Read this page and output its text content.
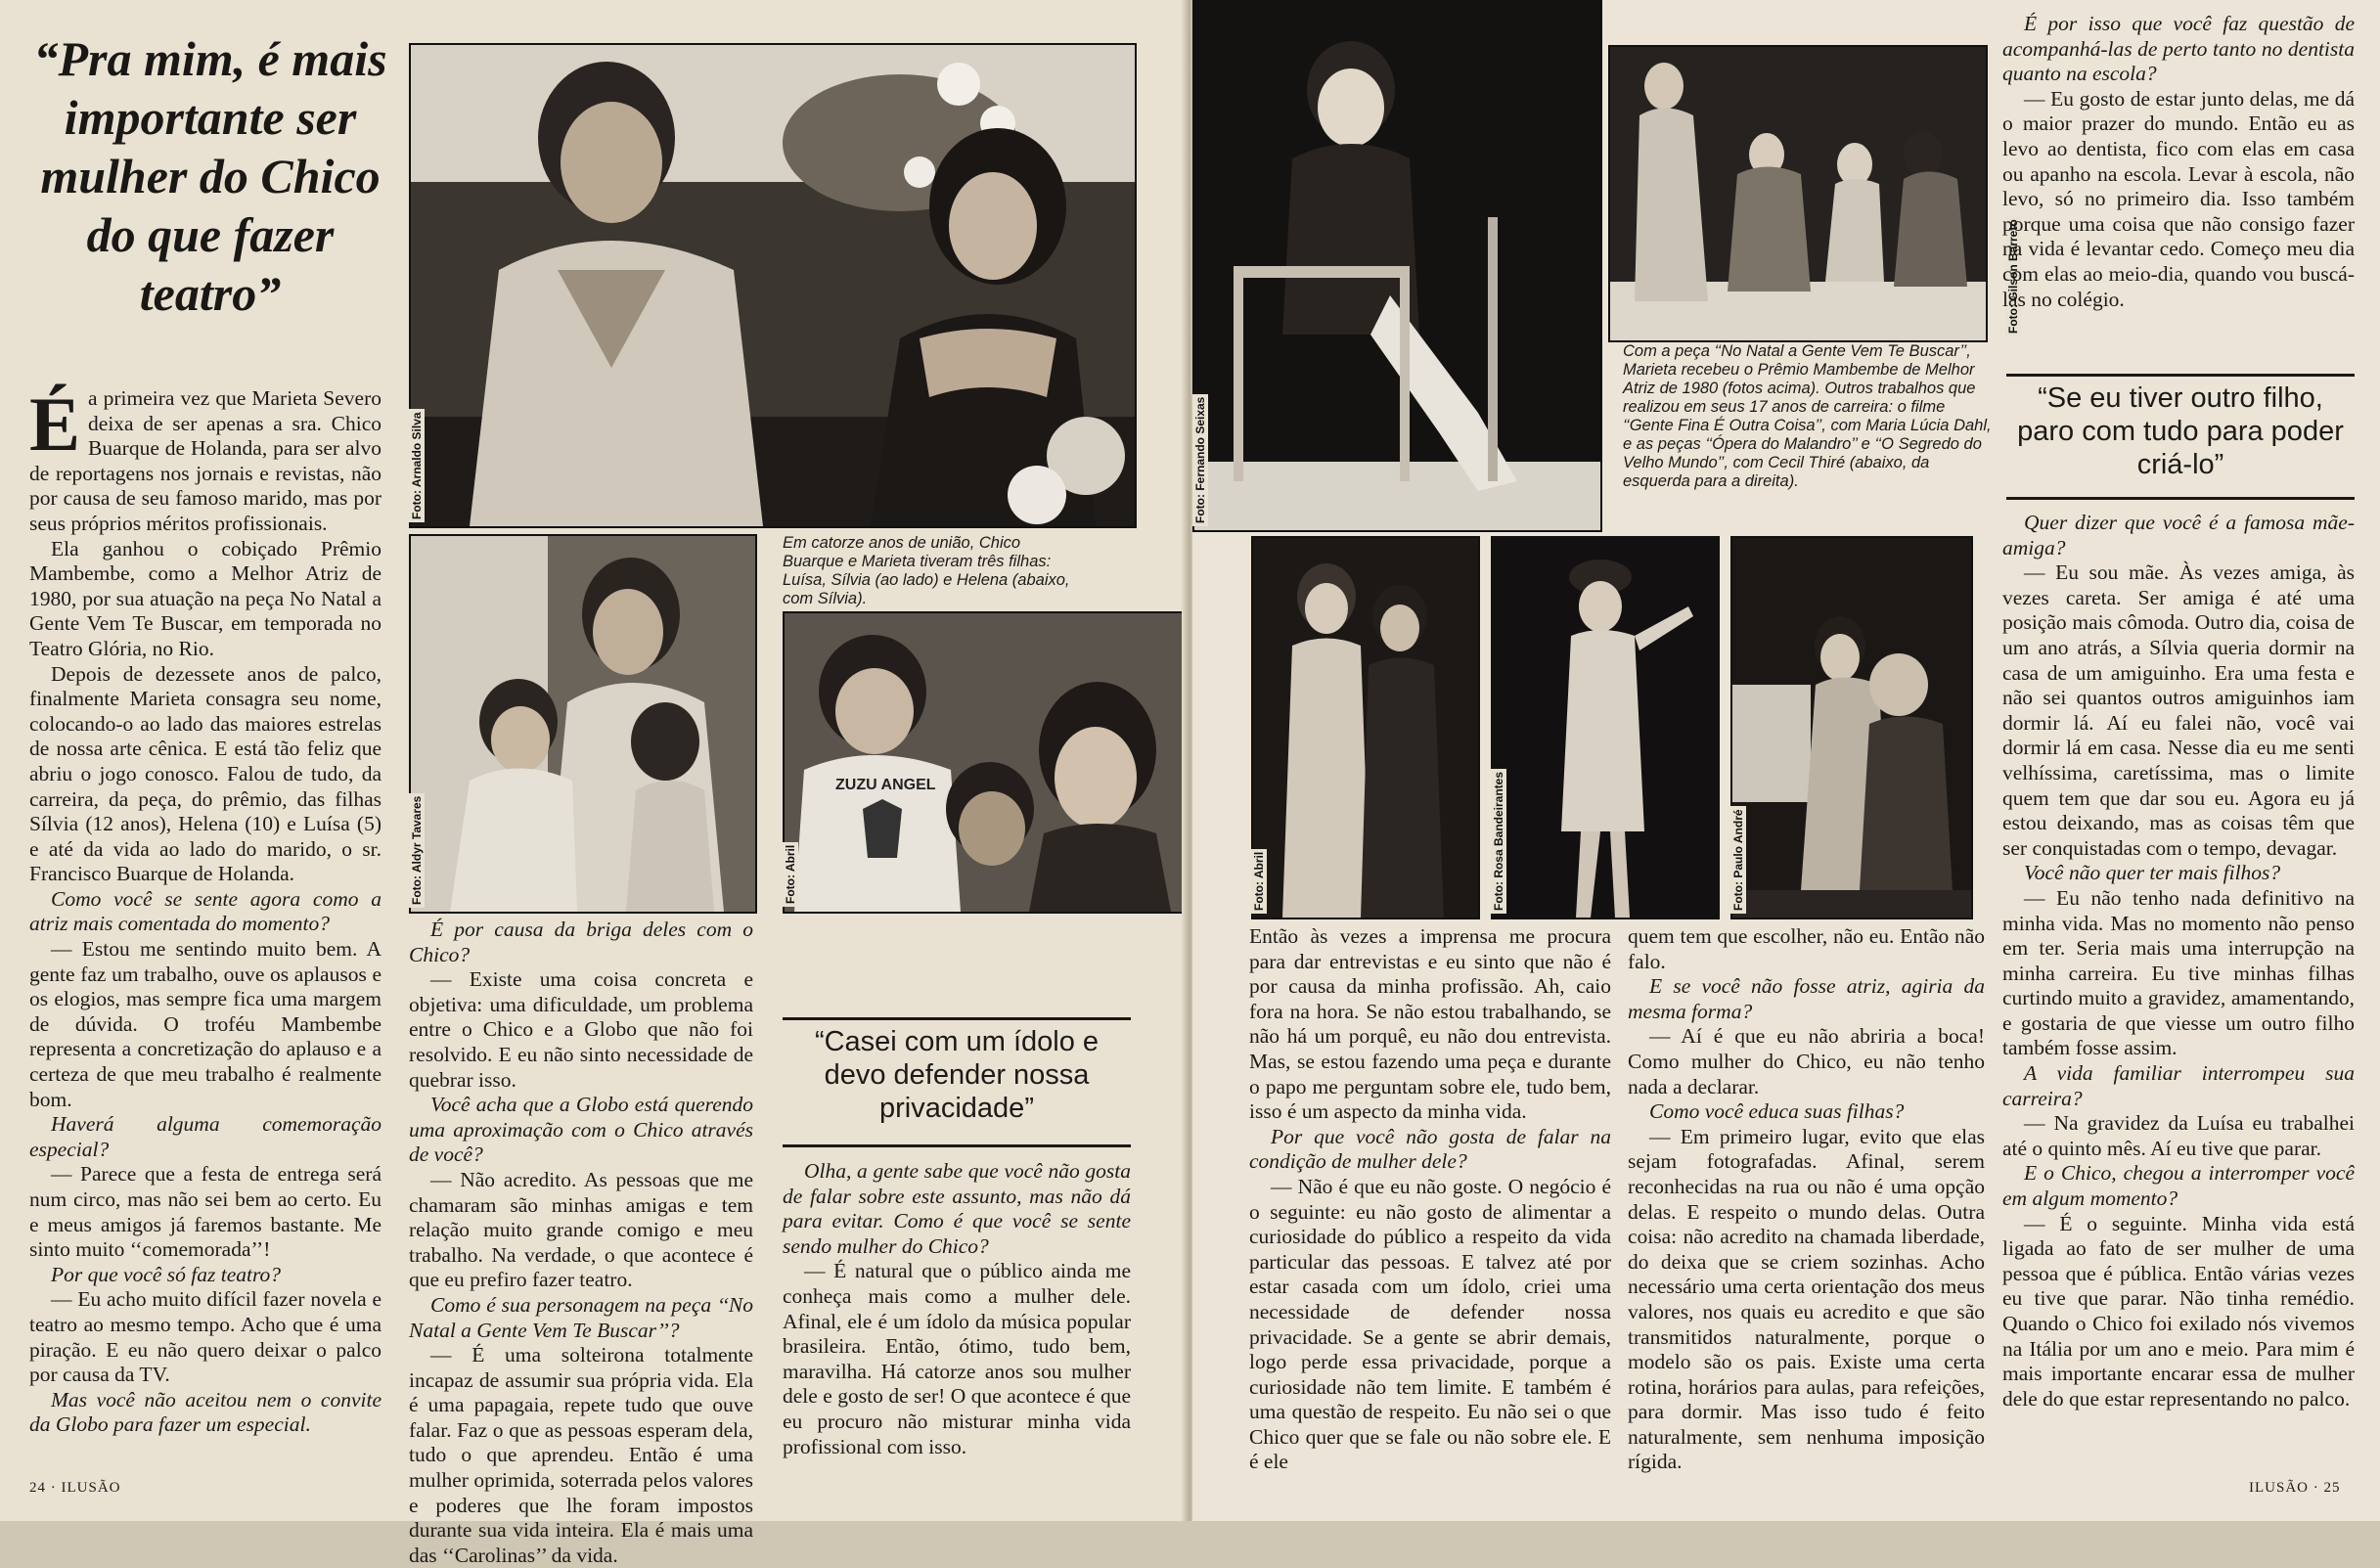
“Pra mim, é mais importante ser mulher do Chico do que fazer teatro”

Éa primeira vez que Marieta Severo deixa de ser apenas a sra. Chico Buarque de Holanda, para ser alvo de reportagens nos jornais e revistas, não por causa de seu famoso marido, mas por seus próprios méritos profissionais.

Ela ganhou o cobiçado Prêmio Mambembe, como a Melhor Atriz de 1980, por sua atuação na peça No Natal a Gente Vem Te Buscar, em temporada no Teatro Glória, no Rio.

Depois de dezessete anos de palco, finalmente Marieta consagra seu nome, colocando-o ao lado das maiores estrelas de nossa arte cênica. E está tão feliz que abriu o jogo conosco. Falou de tudo, da carreira, da peça, do prêmio, das filhas Sílvia (12 anos), Helena (10) e Luísa (5) e até da vida ao lado do marido, o sr. Francisco Buarque de Holanda.

Como você se sente agora como a atriz mais comentada do momento?

— Estou me sentindo muito bem. A gente faz um trabalho, ouve os aplausos e os elogios, mas sempre fica uma margem de dúvida. O troféu Mambembe representa a concretização do aplauso e a certeza de que meu trabalho é realmente bom.

Haverá alguma comemoração especial?

— Parece que a festa de entrega será num circo, mas não sei bem ao certo. Eu e meus amigos já faremos bastante. Me sinto muito ‘‘comemorada’’!

Por que você só faz teatro?

— Eu acho muito difícil fazer novela e teatro ao mesmo tempo. Acho que é uma piração. E eu não quero deixar o palco por causa da TV.

Mas você não aceitou nem o convite da Globo para fazer um especial.

Foto: Arnaldo Silva
Foto: Aldyr Tavares
Em catorze anos de união, Chico Buarque e Marieta tiveram três filhas: Luísa, Sílvia (ao lado) e Helena (abaixo, com Sílvia).
ZUZU ANGEL
Foto: Abril

É por causa da briga deles com o Chico?

— Existe uma coisa concreta e objetiva: uma dificuldade, um problema entre o Chico e a Globo que não foi resolvido. E eu não sinto necessidade de quebrar isso.

Você acha que a Globo está querendo uma aproximação com o Chico através de você?

— Não acredito. As pessoas que me chamaram são minhas amigas e tem relação muito grande comigo e meu trabalho. Na verdade, o que acontece é que eu prefiro fazer teatro.

Como é sua personagem na peça ‘‘No Natal a Gente Vem Te Buscar’’?

— É uma solteirona totalmente incapaz de assumir sua própria vida. Ela é uma papagaia, repete tudo que ouve falar. Faz o que as pessoas esperam dela, tudo o que aprendeu. Então é uma mulher oprimida, soterrada pelos valores e poderes que lhe foram impostos durante sua vida inteira. Ela é mais uma das ‘‘Carolinas’’ da vida.

“Casei com um ídolo e devo defender nossa privacidade”

Olha, a gente sabe que você não gosta de falar sobre este assunto, mas não dá para evitar. Como é que você se sente sendo mulher do Chico?

— É natural que o público ainda me conheça mais como a mulher dele. Afinal, ele é um ídolo da música popular brasileira. Então, ótimo, tudo bem, maravilha. Há catorze anos sou mulher dele e gosto de ser! O que acontece é que eu procuro não misturar minha vida profissional com isso.

24 · ILUSÃO
Foto: Fernando Seixas
Foto: Gilson Barreto
Com a peça ‘‘No Natal a Gente Vem Te Buscar’’, Marieta recebeu o Prêmio Mambembe de Melhor Atriz de 1980 (fotos acima). Outros trabalhos que realizou em seus 17 anos de carreira: o filme ‘‘Gente Fina É Outra Coisa’’, com Maria Lúcia Dahl, e as peças ‘‘Ópera do Malandro’’ e ‘‘O Segredo do Velho Mundo’’, com Cecil Thiré (abaixo, da esquerda para a direita).
Foto: Abril	Foto: Rosa Bandeirantes	Foto: Paulo André

Então às vezes a imprensa me procura para dar entrevistas e eu sinto que não é por causa da minha profissão. Ah, caio fora na hora. Se não estou trabalhando, se não há um porquê, eu não dou entrevista. Mas, se estou fazendo uma peça e durante o papo me perguntam sobre ele, tudo bem, isso é um aspecto da minha vida.

Por que você não gosta de falar na condição de mulher dele?

— Não é que eu não goste. O negócio é o seguinte: eu não gosto de alimentar a curiosidade do público a respeito da vida particular das pessoas. E talvez até por estar casada com um ídolo, criei uma necessidade de defender nossa privacidade. Se a gente se abrir demais, logo perde essa privacidade, porque a curiosidade não tem limite. E também é uma questão de respeito. Eu não sei o que Chico quer que se fale ou não sobre ele. E é ele

quem tem que escolher, não eu. Então não falo.

E se você não fosse atriz, agiria da mesma forma?

— Aí é que eu não abriria a boca! Como mulher do Chico, eu não tenho nada a declarar.

Como você educa suas filhas?

— Em primeiro lugar, evito que elas sejam fotografadas. Afinal, serem reconhecidas na rua ou não é uma opção delas. E respeito o mundo delas. Outra coisa: não acredito na chamada liberdade, do deixa que se criem sozinhas. Acho necessário uma certa orientação dos meus valores, nos quais eu acredito e que são transmitidos naturalmente, porque o modelo são os pais. Existe uma certa rotina, horários para aulas, para refeições, para dormir. Mas isso tudo é feito naturalmente, sem nenhuma imposição rígida.

É por isso que você faz questão de acompanhá-las de perto tanto no dentista quanto na escola?

— Eu gosto de estar junto delas, me dá o maior prazer do mundo. Então eu as levo ao dentista, fico com elas em casa ou apanho na escola. Levar à escola, não levo, só no primeiro dia. Isso também porque uma coisa que não consigo fazer na vida é levantar cedo. Começo meu dia com elas ao meio-dia, quando vou buscá-las no colégio.

“Se eu tiver outro filho, paro com tudo para poder criá-lo”

Quer dizer que você é a famosa mãe-amiga?

— Eu sou mãe. Às vezes amiga, às vezes careta. Ser amiga é até uma posição mais cômoda. Outro dia, coisa de um ano atrás, a Sílvia queria dormir na casa de um amiguinho. Era uma festa e não sei quantos outros amiguinhos iam dormir lá. Aí eu falei não, você vai dormir lá em casa. Nesse dia eu me senti velhíssima, caretíssima, mas o limite quem tem que dar sou eu. Agora eu já estou deixando, mas as coisas têm que ser conquistadas com o tempo, devagar.

Você não quer ter mais filhos?

— Eu não tenho nada definitivo na minha vida. Mas no momento não penso em ter. Seria mais uma interrupção na minha carreira. Eu tive minhas filhas curtindo muito a gravidez, amamentando, e gostaria de que viesse um outro filho também fosse assim.

A vida familiar interrompeu sua carreira?

— Na gravidez da Luísa eu trabalhei até o quinto mês. Aí eu tive que parar.

E o Chico, chegou a interromper você em algum momento?

— É o seguinte. Minha vida está ligada ao fato de ser mulher de uma pessoa que é pública. Então várias vezes eu tive que parar. Não tinha remédio. Quando o Chico foi exilado nós vivemos na Itália por um ano e meio. Para mim é mais importante encarar essa de mulher dele do que estar representando no palco.

ILUSÃO · 25
